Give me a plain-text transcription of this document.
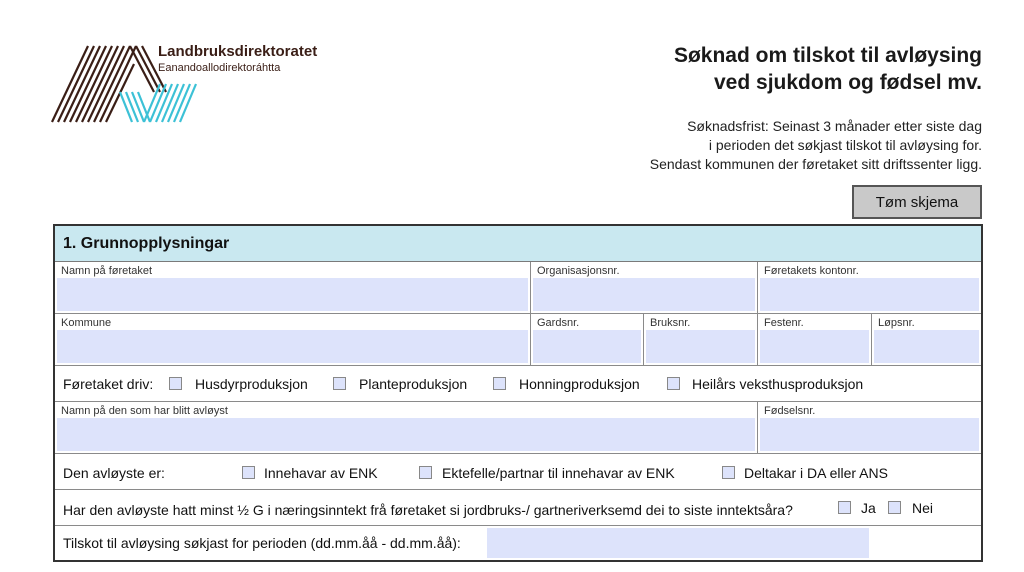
Landbruksdirektoratet
Eanandoallodirektoráhtta
Søknad om tilskot til avløysing
ved sjukdom og fødsel mv.
Søknadsfrist: Seinast 3 månader etter siste dag
i perioden det søkjast tilskot til avløysing for.
Sendast kommunen der føretaket sitt driftssenter ligg.
Tøm skjema
1. Grunnopplysningar
Namn på føretaket	Organisasjonsnr.	Føretakets kontonr.
Kommune	Gardsnr.	Bruksnr.	Festenr.	Løpsnr.
Føretaket driv:	Husdyrproduksjon	Planteproduksjon	Honningproduksjon	Heilårs veksthusproduksjon
Namn på den som har blitt avløyst	Fødselsnr.
Den avløyste er:	Innehavar av ENK	Ektefelle/partnar til innehavar av ENK	Deltakar i DA eller ANS
Har den avløyste hatt minst ½ G i næringsinntekt frå føretaket si jordbruks-/ gartneriverksemd dei to siste inntektsåra?	Ja	Nei
Tilskot til avløysing søkjast for perioden (dd.mm.åå - dd.mm.åå):
